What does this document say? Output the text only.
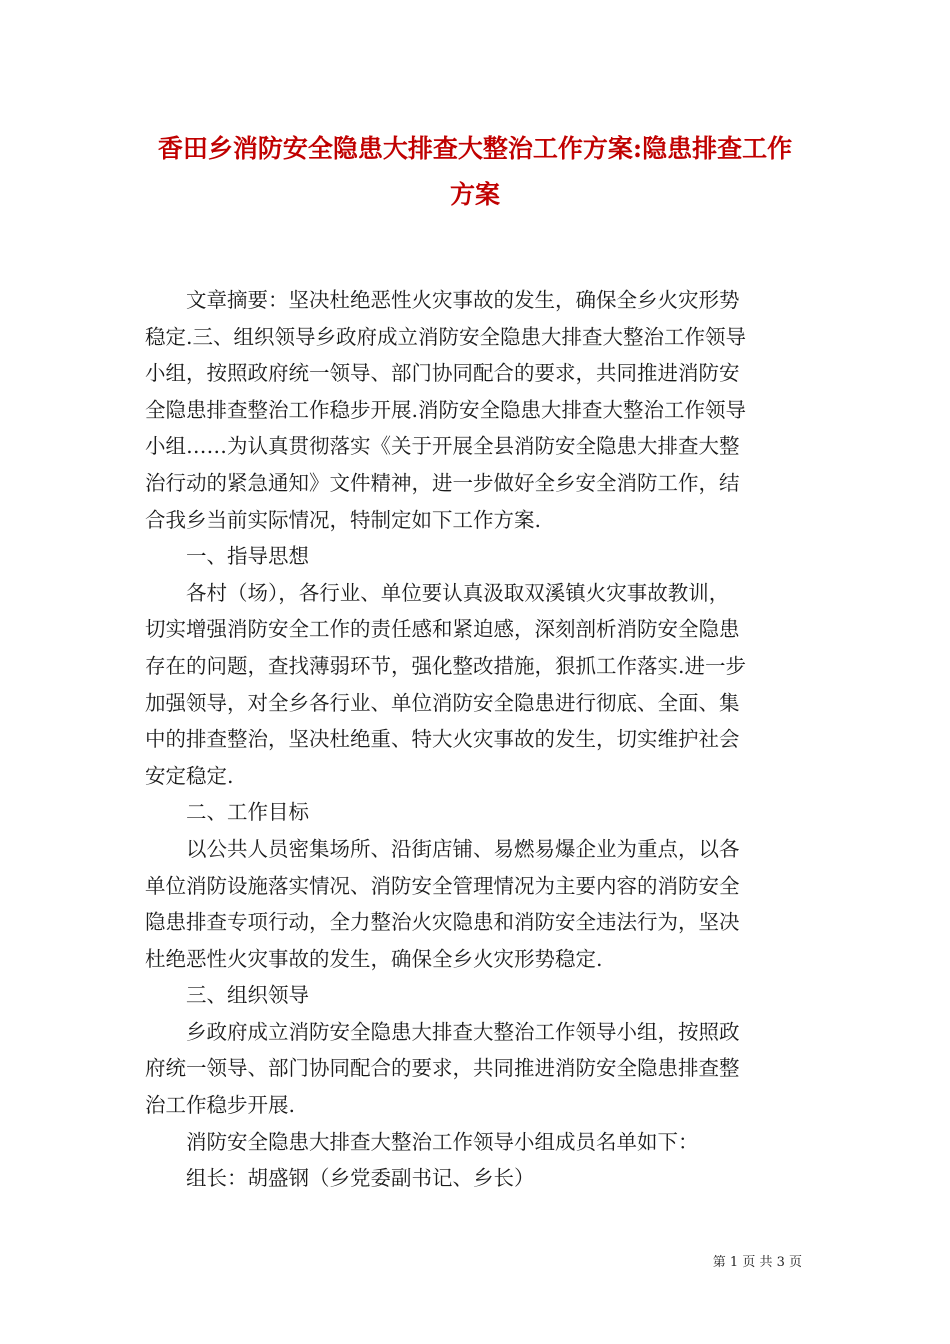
香田乡消防安全隐患大排查大整治工作方案:隐患排查工作
方案
　　文章摘要：坚决杜绝恶性火灾事故的发生，确保全乡火灾形势
稳定.三、组织领导乡政府成立消防安全隐患大排查大整治工作领导
小组，按照政府统一领导、部门协同配合的要求，共同推进消防安
全隐患排查整治工作稳步开展.消防安全隐患大排查大整治工作领导
小组……为认真贯彻落实《关于开展全县消防安全隐患大排查大整
治行动的紧急通知》文件精神，进一步做好全乡安全消防工作，结
合我乡当前实际情况，特制定如下工作方案.
　　一、指导思想
　　各村（场），各行业、单位要认真汲取双溪镇火灾事故教训，
切实增强消防安全工作的责任感和紧迫感，深刻剖析消防安全隐患
存在的问题，查找薄弱环节，强化整改措施，狠抓工作落实.进一步
加强领导，对全乡各行业、单位消防安全隐患进行彻底、全面、集
中的排查整治，坚决杜绝重、特大火灾事故的发生，切实维护社会
安定稳定.
　　二、工作目标
　　以公共人员密集场所、沿街店铺、易燃易爆企业为重点，以各
单位消防设施落实情况、消防安全管理情况为主要内容的消防安全
隐患排查专项行动，全力整治火灾隐患和消防安全违法行为，坚决
杜绝恶性火灾事故的发生，确保全乡火灾形势稳定.
　　三、组织领导
　　乡政府成立消防安全隐患大排查大整治工作领导小组，按照政
府统一领导、部门协同配合的要求，共同推进消防安全隐患排查整
治工作稳步开展.
　　消防安全隐患大排查大整治工作领导小组成员名单如下：
　　组长：胡盛钢（乡党委副书记、乡长）
第 1 页 共 3 页
